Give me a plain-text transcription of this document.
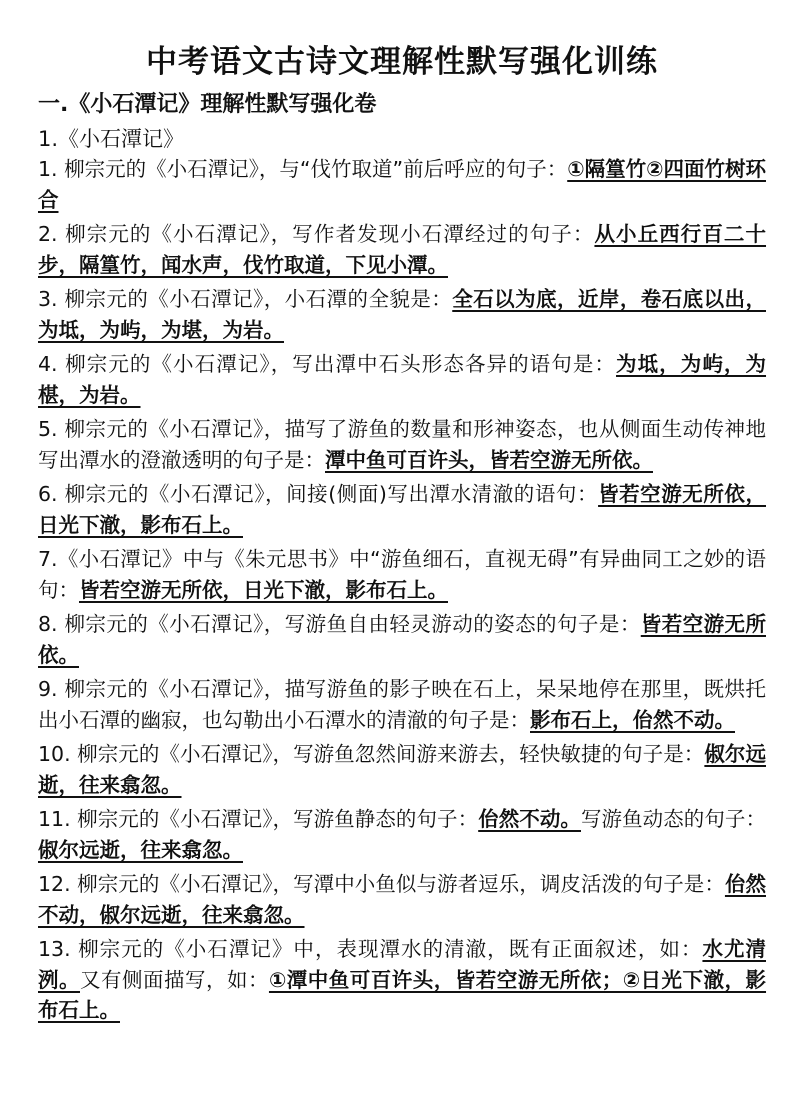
中考语文古诗文理解性默写强化训练
一.《小石潭记》理解性默写强化卷
1.《小石潭记》
1. 柳宗元的《小石潭记》，与“伐竹取道”前后呼应的句子：①隔篁竹②四面竹树环合
2. 柳宗元的《小石潭记》，写作者发现小石潭经过的句子：从小丘西行百二十步，隔篁竹，闻水声，伐竹取道，下见小潭。
3. 柳宗元的《小石潭记》，小石潭的全貌是：全石以为底，近岸，卷石底以出，为坻，为屿，为堪，为岩。
4. 柳宗元的《小石潭记》，写出潭中石头形态各异的语句是：为坻，为屿，为椹，为岩。
5. 柳宗元的《小石潭记》，描写了游鱼的数量和形神姿态，也从侧面生动传神地写出潭水的澄澈透明的句子是：潭中鱼可百许头，皆若空游无所依。
6. 柳宗元的《小石潭记》，间接(侧面)写出潭水清澈的语句：皆若空游无所依，日光下澈，影布石上。
7.《小石潭记》中与《朱元思书》中“游鱼细石，直视无碍”有异曲同工之妙的语句：皆若空游无所依，日光下澈，影布石上。
8. 柳宗元的《小石潭记》，写游鱼自由轻灵游动的姿态的句子是：皆若空游无所依。
9. 柳宗元的《小石潭记》，描写游鱼的影子映在石上，呆呆地停在那里，既烘托出小石潭的幽寂，也勾勒出小石潭水的清澈的句子是：影布石上，佁然不动。
10. 柳宗元的《小石潭记》，写游鱼忽然间游来游去，轻快敏捷的句子是：俶尔远逝，往来翕忽。
11. 柳宗元的《小石潭记》，写游鱼静态的句子：佁然不动。写游鱼动态的句子：俶尔远逝，往来翕忽。
12. 柳宗元的《小石潭记》，写潭中小鱼似与游者逗乐，调皮活泼的句子是：佁然不动，俶尔远逝，往来翕忽。
13. 柳宗元的《小石潭记》中，表现潭水的清澈，既有正面叙述，如：水尤清洌。又有侧面描写，如：①潭中鱼可百许头，皆若空游无所依；②日光下澈，影布石上。
